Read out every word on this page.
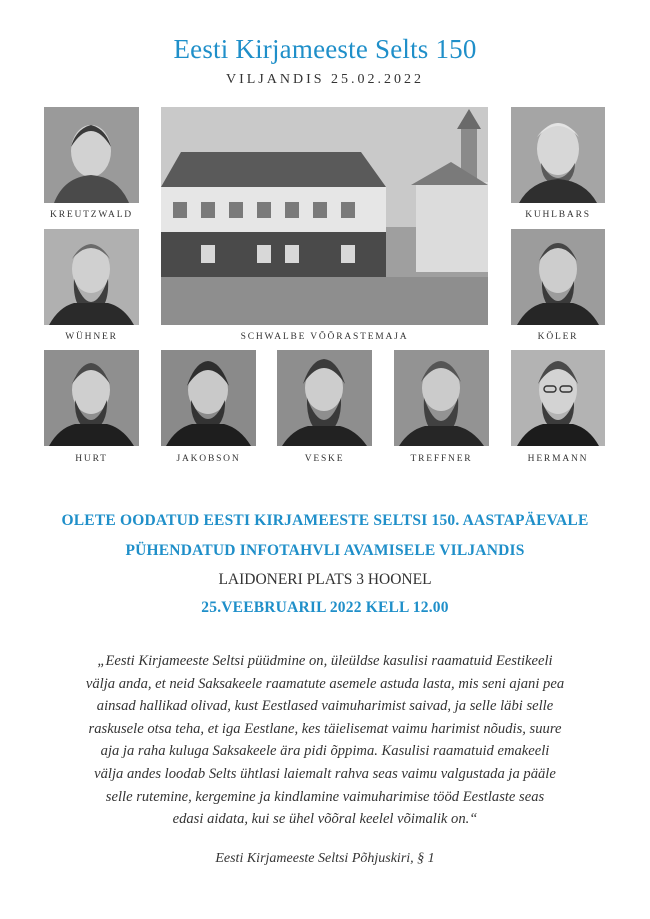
Eesti Kirjameeste Selts 150
VILJANDIS 25.02.2022
KREUTZWALD
SCHWALBE VÕÕRASTEMAJA
KUHLBARS
WÜHNER	KÖLER
HURT	JAKOBSON	VESKE	TREFFNER	HERMANN
OLETE OODATUD EESTI KIRJAMEESTE SELTSI 150. AASTAPÄEVALE
PÜHENDATUD INFOTAHVLI AVAMISELE VILJANDIS
LAIDONERI PLATS 3 HOONEL
25.VEEBRUARIL 2022 KELL 12.00
„Eesti Kirjameeste Seltsi püüdmine on, üleüldse kasulisi raamatuid Eestikeeli
välja anda, et neid Saksakeele raamatute asemele astuda lasta, mis seni ajani pea
ainsad hallikad olivad, kust Eestlased vaimuharimist saivad, ja selle läbi selle
raskusele otsa teha, et iga Eestlane, kes täielisemat vaimu harimist nõudis, suure
aja ja raha kuluga Saksakeele ära pidi õppima. Kasulisi raamatuid emakeeli
välja andes loodab Selts ühtlasi laiemalt rahva seas vaimu valgustada ja pääle
selle rutemine, kergemine ja kindlamine vaimuharimise tööd Eestlaste seas
edasi aidata, kui se ühel võõral keelel võimalik on.“
Eesti Kirjameeste Seltsi Põhjuskiri, § 1
